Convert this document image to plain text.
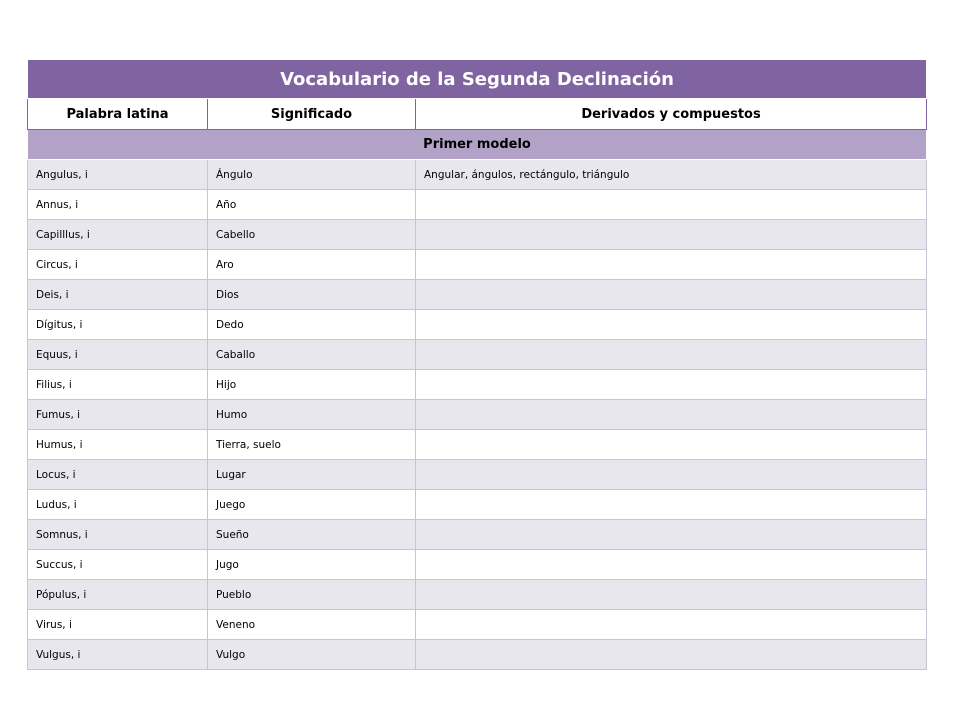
Vocabulario de la Segunda Declinación		
Palabra latina	Significado	Derivados y compuestos
Primer modelo		
Angulus, i	Ángulo	Angular, ángulos, rectángulo, triángulo
Annus, i	Año	
Capilllus, i	Cabello	
Circus, i	Aro	
Deis, i	Dios	
Dígitus, i	Dedo	
Equus, i	Caballo	
Filius, i	Hijo	
Fumus, i	Humo	
Humus, i	Tierra, suelo	
Locus, i	Lugar	
Ludus, i	Juego	
Somnus, i	Sueño	
Succus, i	Jugo	
Pópulus, i	Pueblo	
Virus, i	Veneno	
Vulgus, i	Vulgo	
